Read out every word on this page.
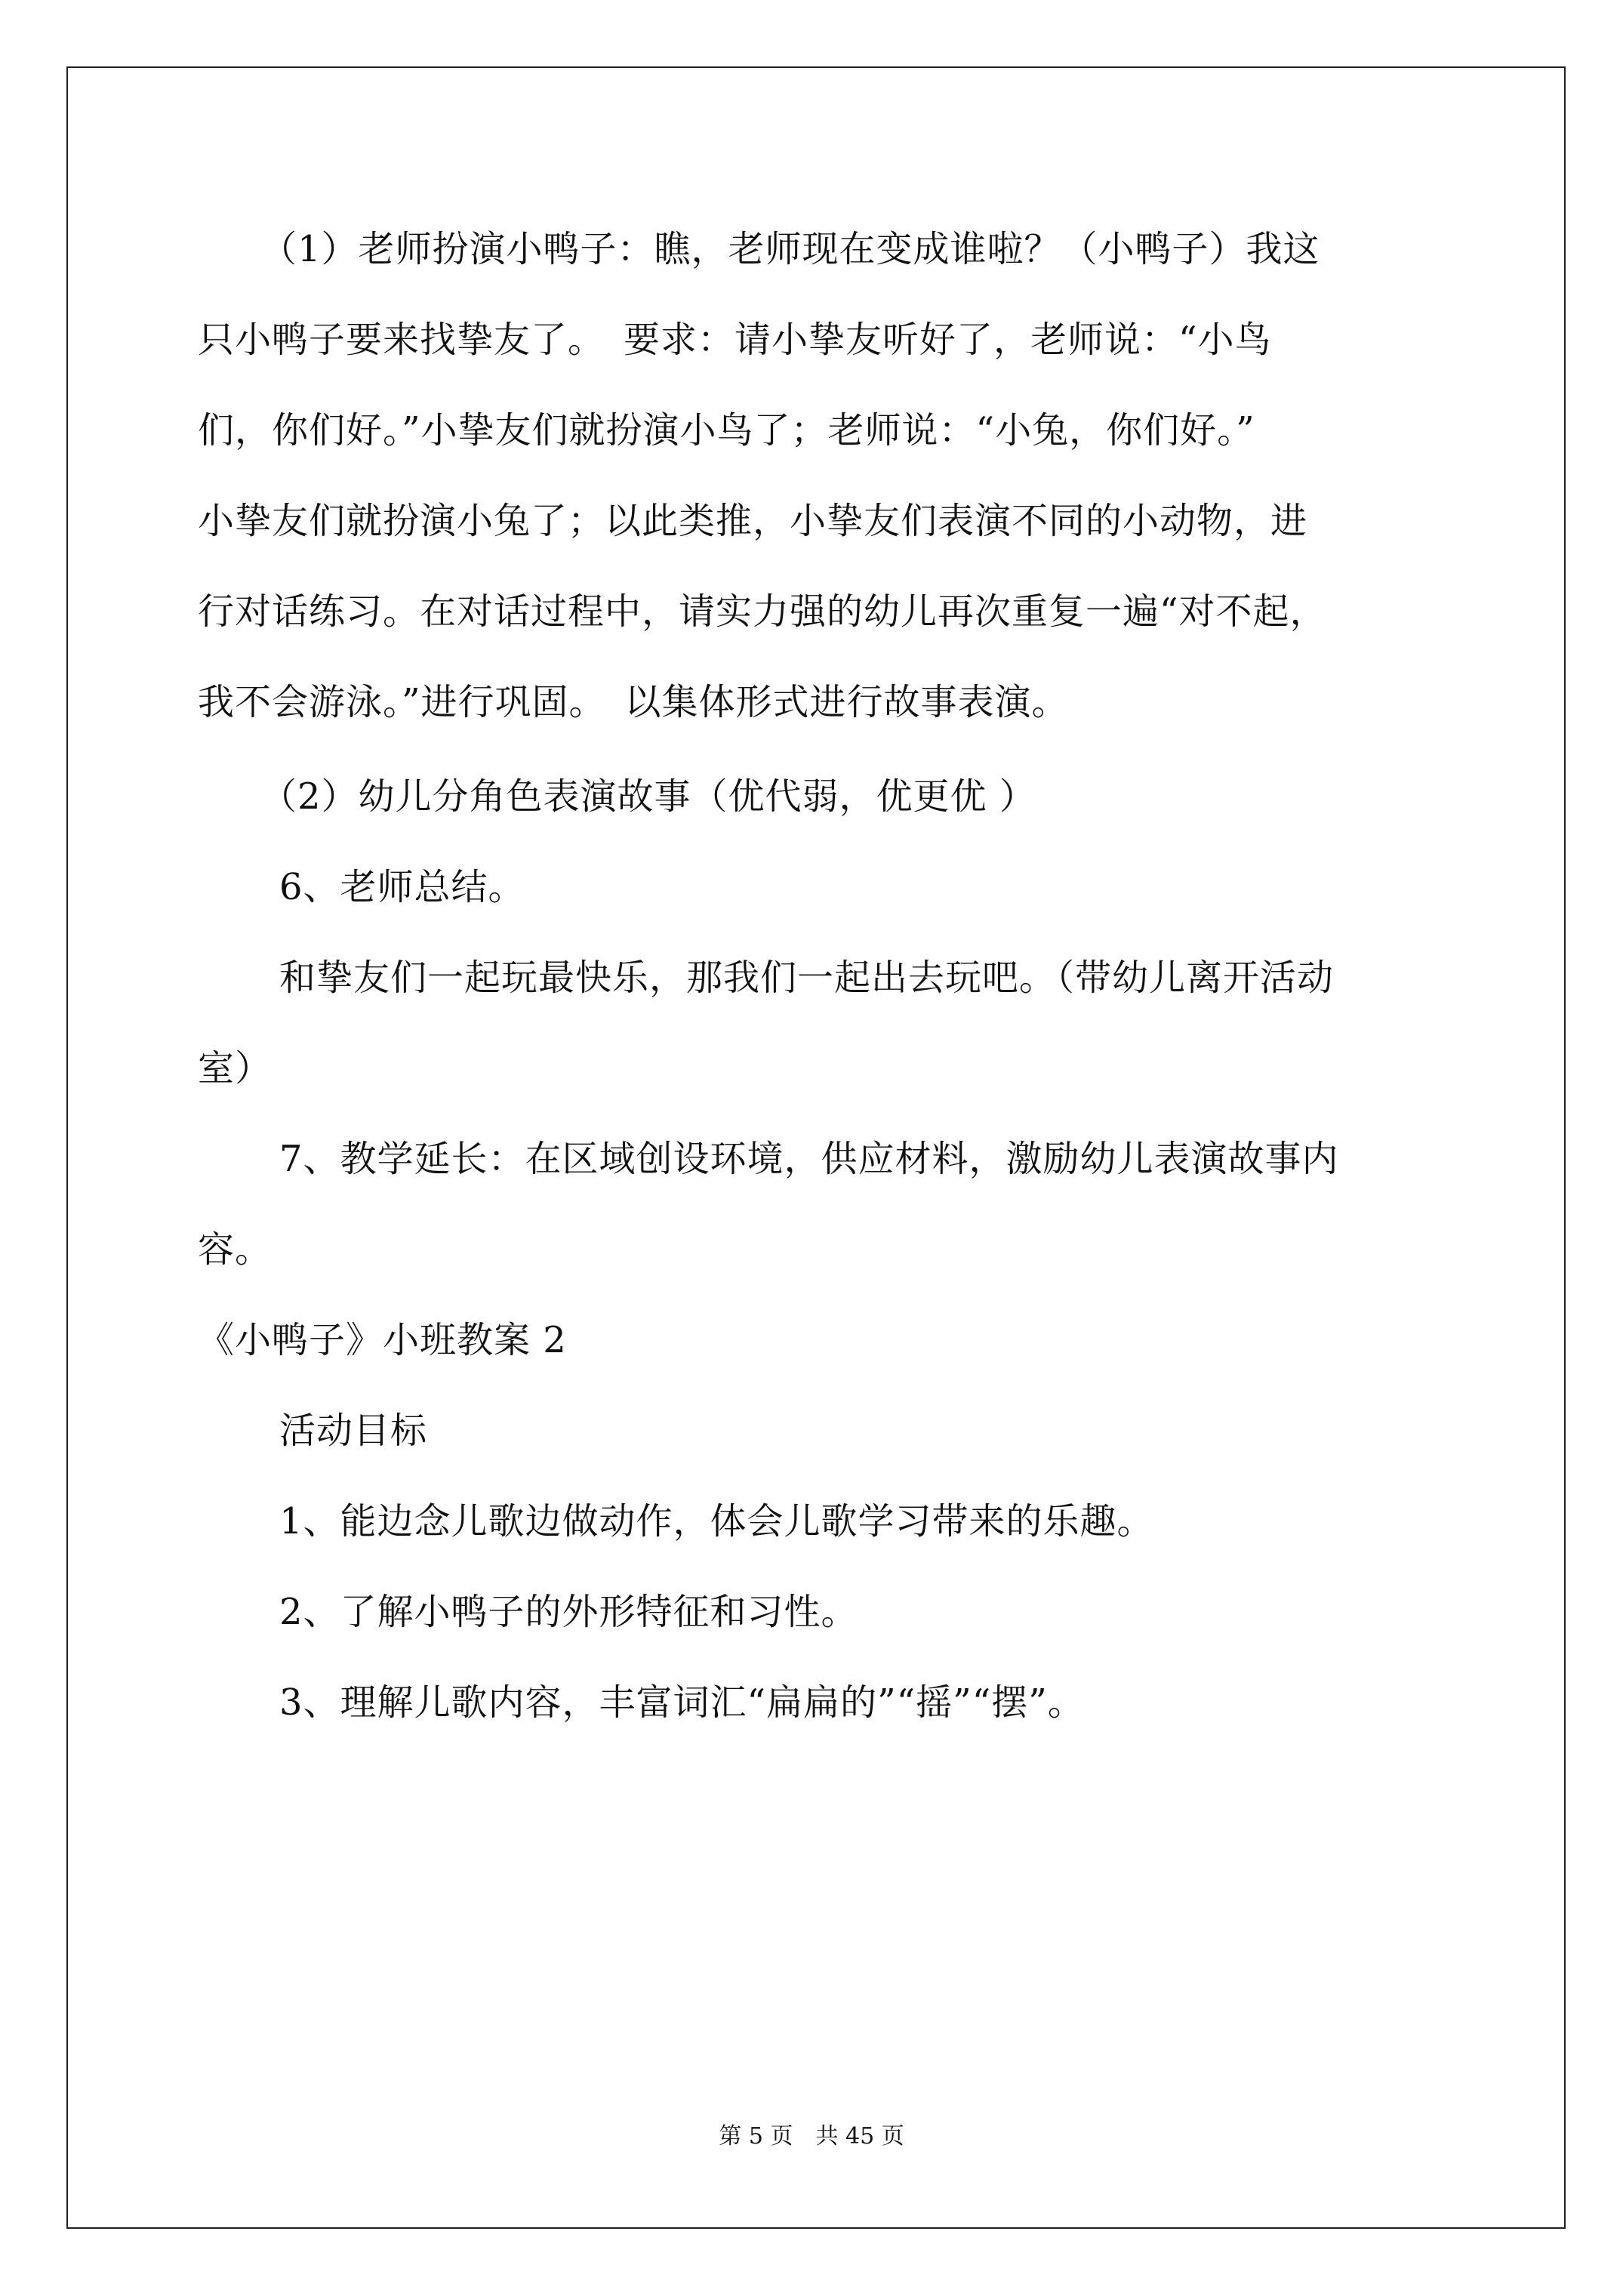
（1）老师扮演小鸭子：瞧，老师现在变成谁啦？（小鸭子）我这
只小鸭子要来找挚友了。　要求：请小挚友听好了，老师说：“小鸟
们，你们好。”小挚友们就扮演小鸟了；老师说：“小兔，你们好。”
小挚友们就扮演小兔了；以此类推，小挚友们表演不同的小动物，进
行对话练习。在对话过程中，请实力强的幼儿再次重复一遍“对不起，
我不会游泳。”进行巩固。　以集体形式进行故事表演。
（2）幼儿分角色表演故事（优代弱，优更优 ）
6、老师总结。
和挚友们一起玩最快乐，那我们一起出去玩吧。（带幼儿离开活动
室）
7、教学延长：在区域创设环境，供应材料，激励幼儿表演故事内
容。
《小鸭子》小班教案 2
活动目标
1、能边念儿歌边做动作，体会儿歌学习带来的乐趣。
2、了解小鸭子的外形特征和习性。
3、理解儿歌内容，丰富词汇“扁扁的”“摇”“摆”。
第 5 页　共 45 页
